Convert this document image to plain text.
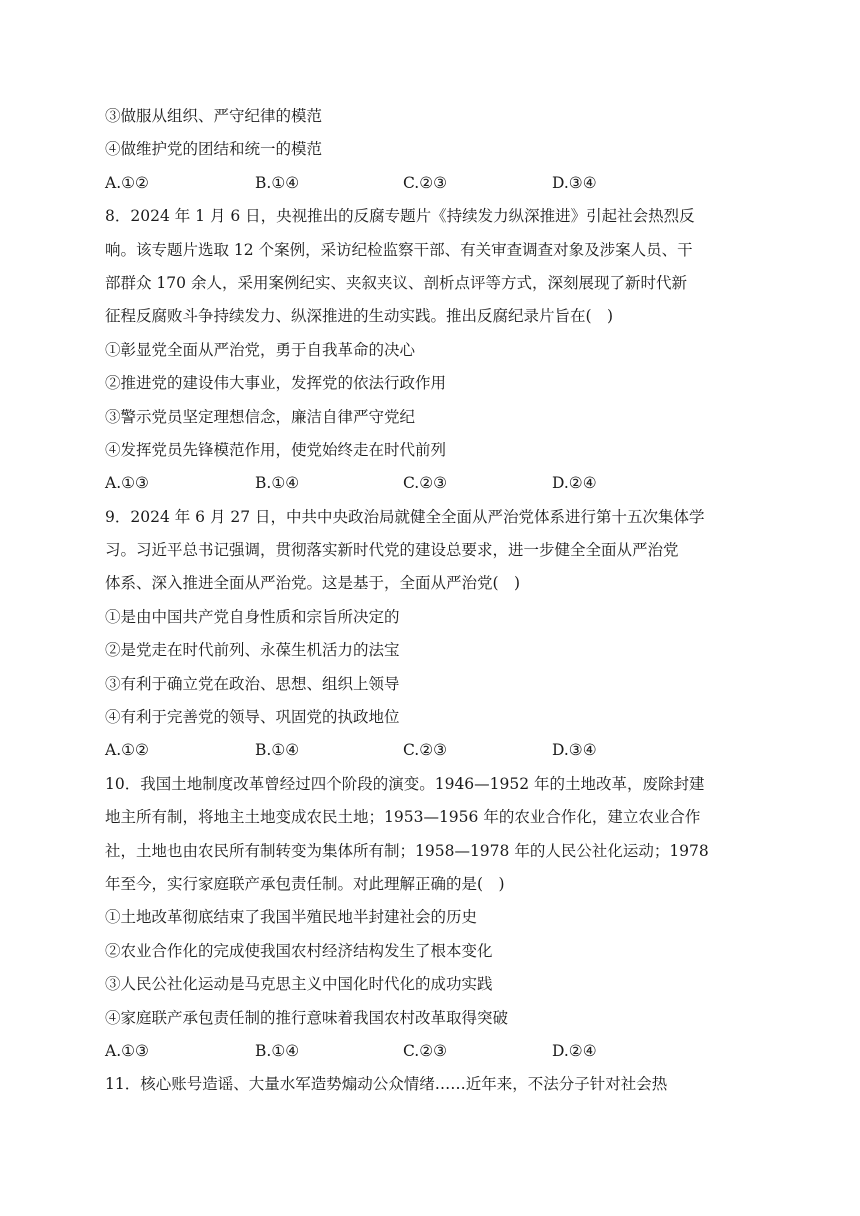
③做服从组织、严守纪律的模范
④做维护党的团结和统一的模范
A.①②	B.①④	C.②③	D.③④
8．2024 年 1 月 6 日，央视推出的反腐专题片《持续发力纵深推进》引起社会热烈反
响。该专题片选取 12 个案例，采访纪检监察干部、有关审查调查对象及涉案人员、干
部群众 170 余人，采用案例纪实、夹叙夹议、剖析点评等方式，深刻展现了新时代新
征程反腐败斗争持续发力、纵深推进的生动实践。推出反腐纪录片旨在(　)
①彰显党全面从严治党，勇于自我革命的决心
②推进党的建设伟大事业，发挥党的依法行政作用
③警示党员坚定理想信念，廉洁自律严守党纪
④发挥党员先锋模范作用，使党始终走在时代前列
A.①③	B.①④	C.②③	D.②④
9．2024 年 6 月 27 日，中共中央政治局就健全全面从严治党体系进行第十五次集体学
习。习近平总书记强调，贯彻落实新时代党的建设总要求，进一步健全全面从严治党
体系、深入推进全面从严治党。这是基于，全面从严治党(　)
①是由中国共产党自身性质和宗旨所决定的
②是党走在时代前列、永葆生机活力的法宝
③有利于确立党在政治、思想、组织上领导
④有利于完善党的领导、巩固党的执政地位
A.①②	B.①④	C.②③	D.③④
10．我国土地制度改革曾经过四个阶段的演变。1946—1952 年的土地改革，废除封建
地主所有制，将地主土地变成农民土地；1953—1956 年的农业合作化，建立农业合作
社，土地也由农民所有制转变为集体所有制；1958—1978 年的人民公社化运动；1978
年至今，实行家庭联产承包责任制。对此理解正确的是(　)
①土地改革彻底结束了我国半殖民地半封建社会的历史
②农业合作化的完成使我国农村经济结构发生了根本变化
③人民公社化运动是马克思主义中国化时代化的成功实践
④家庭联产承包责任制的推行意味着我国农村改革取得突破
A.①③	B.①④	C.②③	D.②④
11．核心账号造谣、大量水军造势煽动公众情绪……近年来，不法分子针对社会热
